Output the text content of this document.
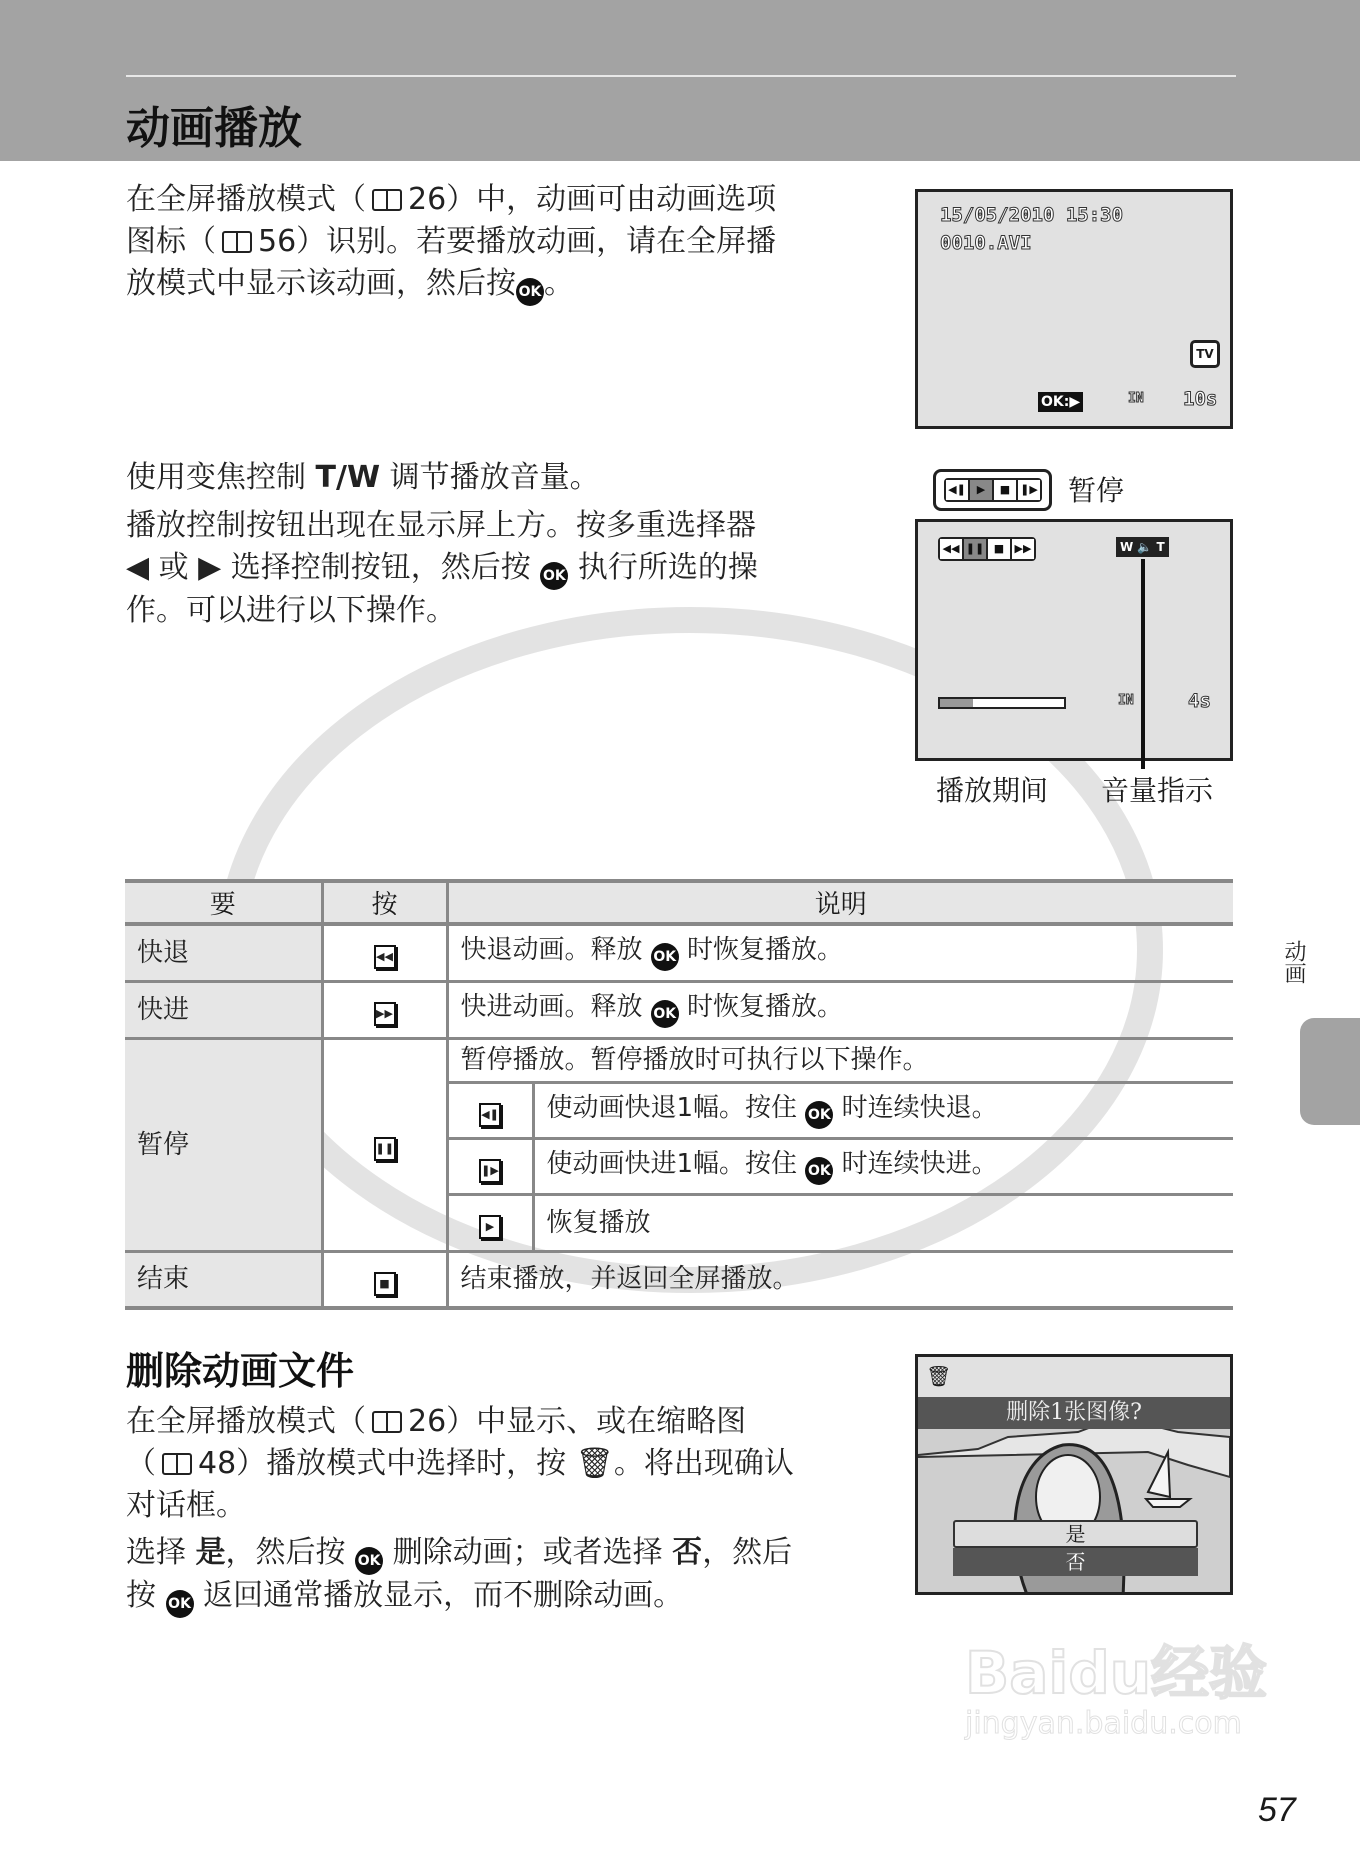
动画播放
在全屏播放模式（ 26）中，动画可由动画选项
图标（ 56）识别。若要播放动画，请在全屏播
放模式中显示该动画，然后按 OK。
15/05/2010 15:30
0010.AVI
TV
OK:▶	IN 10s
使用变焦控制 T/W 调节播放音量。
播放控制按钮出现在显示屏上方。按多重选择器
◀ 或 ▶ 选择控制按钮，然后按 OK 执行所选的操
作。可以进行以下操作。
◀❚ ▶	■ ❚▶ 暂停
◀◀ ❚❚ ■ ▶▶	W 🔈 T
IN	4s
播放期间 音量指示
要	按	说明	
快退	◀◀	快退动画。释放 OK 时恢复播放。	
快进	▶▶	快进动画。释放 OK 时恢复播放。	
暂停	❚❚	暂停播放。暂停播放时可执行以下操作。	
		◀❚	使动画快退1幅。按住 OK 时连续快退。
		❚▶	使动画快进1幅。按住 OK 时连续快进。
		▶	恢复播放
结束	■	结束播放，并返回全屏播放。	
动画
删除动画文件
在全屏播放模式（ 26）中显示、或在缩略图
（ 48）播放模式中选择时，按 🗑。将出现确认
对话框。
选择 是，然后按 OK 删除动画；或者选择 否，然后
按 OK 返回通常播放显示，而不删除动画。
🗑
删除1张图像?
是
否
Baidu经验
jingyan.baidu.com
57
